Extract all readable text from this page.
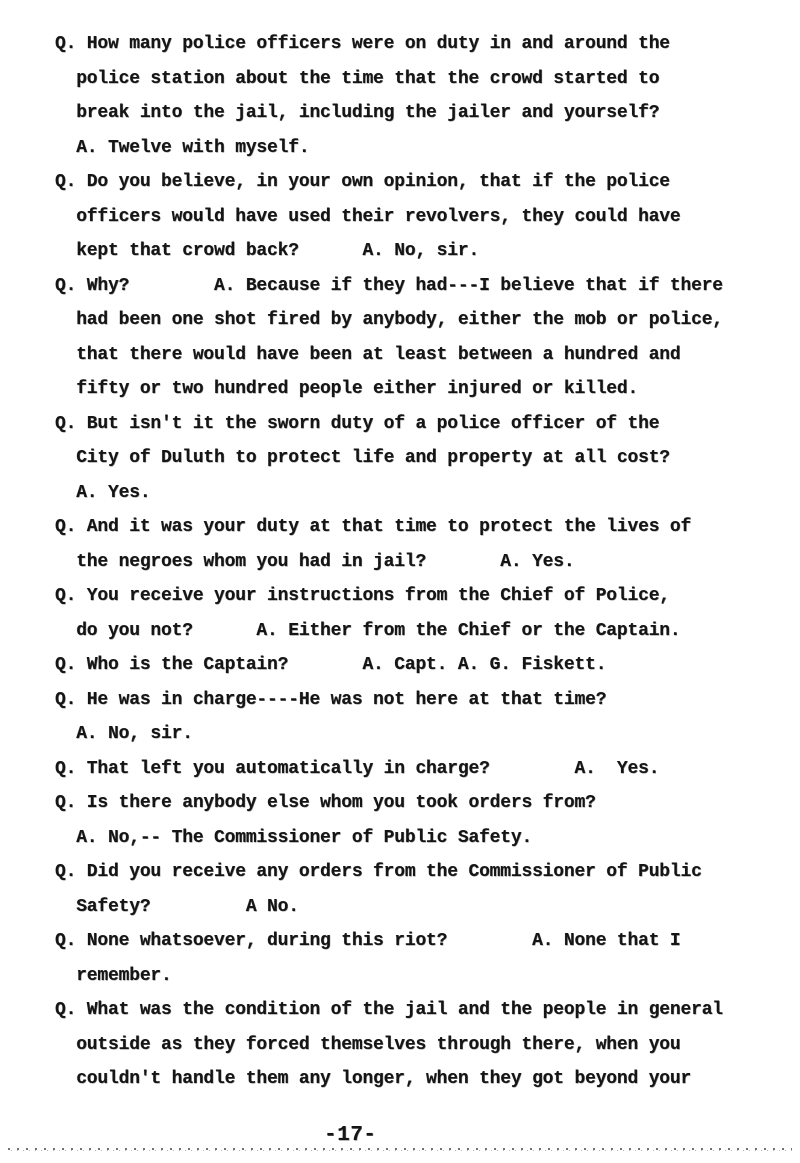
Q. How many police officers were on duty in and around the
police station about the time that the crowd started to
break into the jail, including the jailer and yourself?
A. Twelve with myself.
Q. Do you believe, in your own opinion, that if the police
officers would have used their revolvers, they could have
kept that crowd back?      A. No, sir.
Q. Why?        A. Because if they had---I believe that if there
had been one shot fired by anybody, either the mob or police,
that there would have been at least between a hundred and
fifty or two hundred people either injured or killed.
Q. But isn't it the sworn duty of a police officer of the
City of Duluth to protect life and property at all cost?
A. Yes.
Q. And it was your duty at that time to protect the lives of
the negroes whom you had in jail?       A. Yes.
Q. You receive your instructions from the Chief of Police,
do you not?      A. Either from the Chief or the Captain.
Q. Who is the Captain?       A. Capt. A. G. Fiskett.
Q. He was in charge----He was not here at that time?
A. No, sir.
Q. That left you automatically in charge?        A.  Yes.
Q. Is there anybody else whom you took orders from?
A. No,-- The Commissioner of Public Safety.
Q. Did you receive any orders from the Commissioner of Public
Safety?         A No.
Q. None whatsoever, during this riot?        A. None that I
remember.
Q. What was the condition of the jail and the people in general
outside as they forced themselves through there, when you
couldn't handle them any longer, when they got beyond your
-17-
